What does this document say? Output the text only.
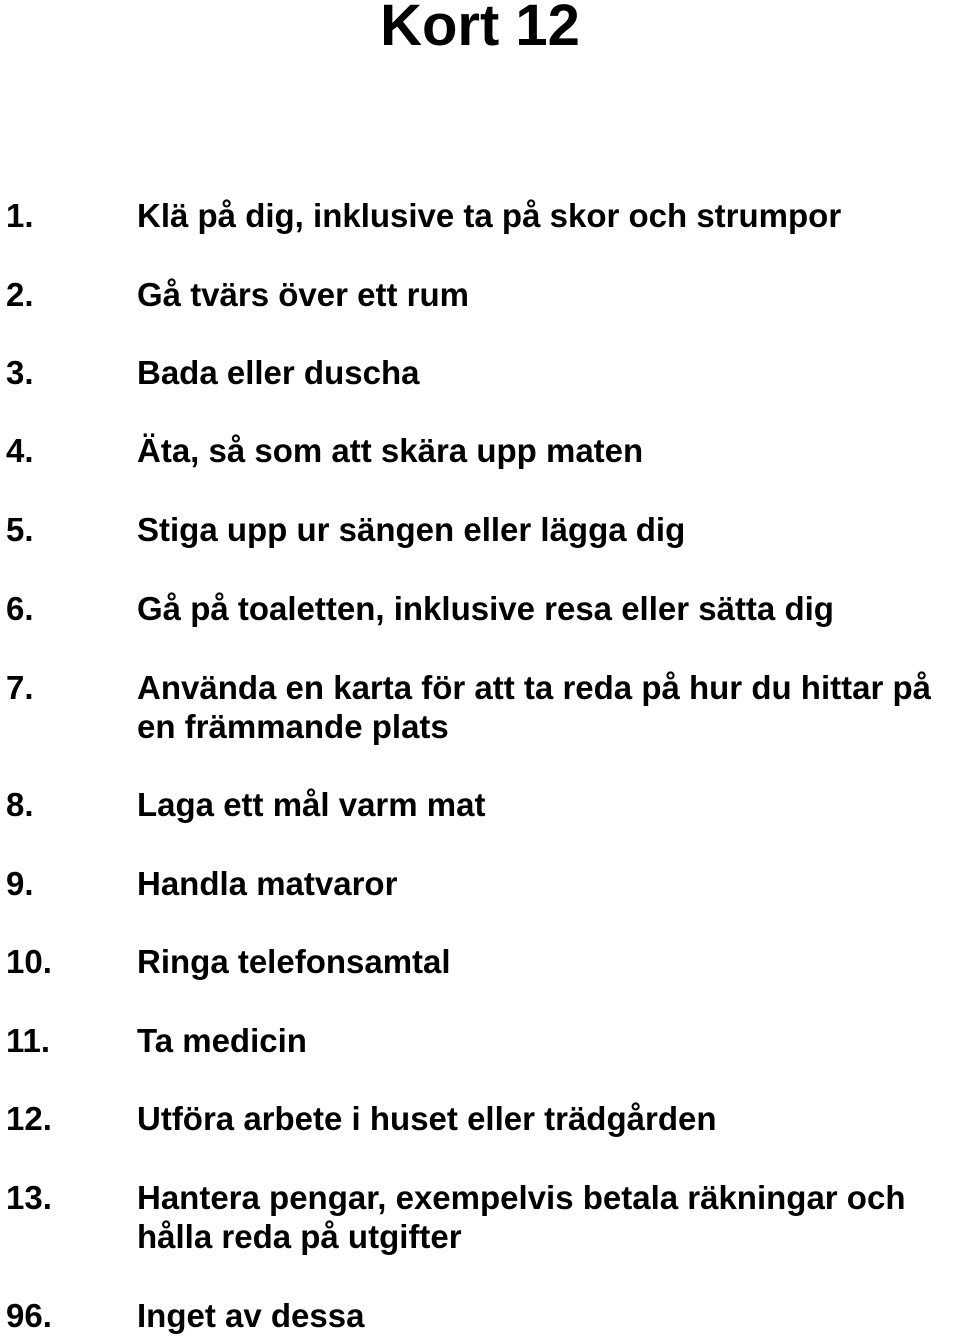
Kort 12
1.	Klä på dig, inklusive ta på skor och strumpor
2.	Gå tvärs över ett rum
3.	Bada eller duscha
4.	Äta, så som att skära upp maten
5.	Stiga upp ur sängen eller lägga dig
6.	Gå på toaletten, inklusive resa eller sätta dig
7.	Använda en karta för att ta reda på hur du hittar på
en främmande plats
8.	Laga ett mål varm mat
9.	Handla matvaror
10.	Ringa telefonsamtal
11.	Ta medicin
12.	Utföra arbete i huset eller trädgården
13.	Hantera pengar, exempelvis betala räkningar och
hålla reda på utgifter
96.	Inget av dessa
